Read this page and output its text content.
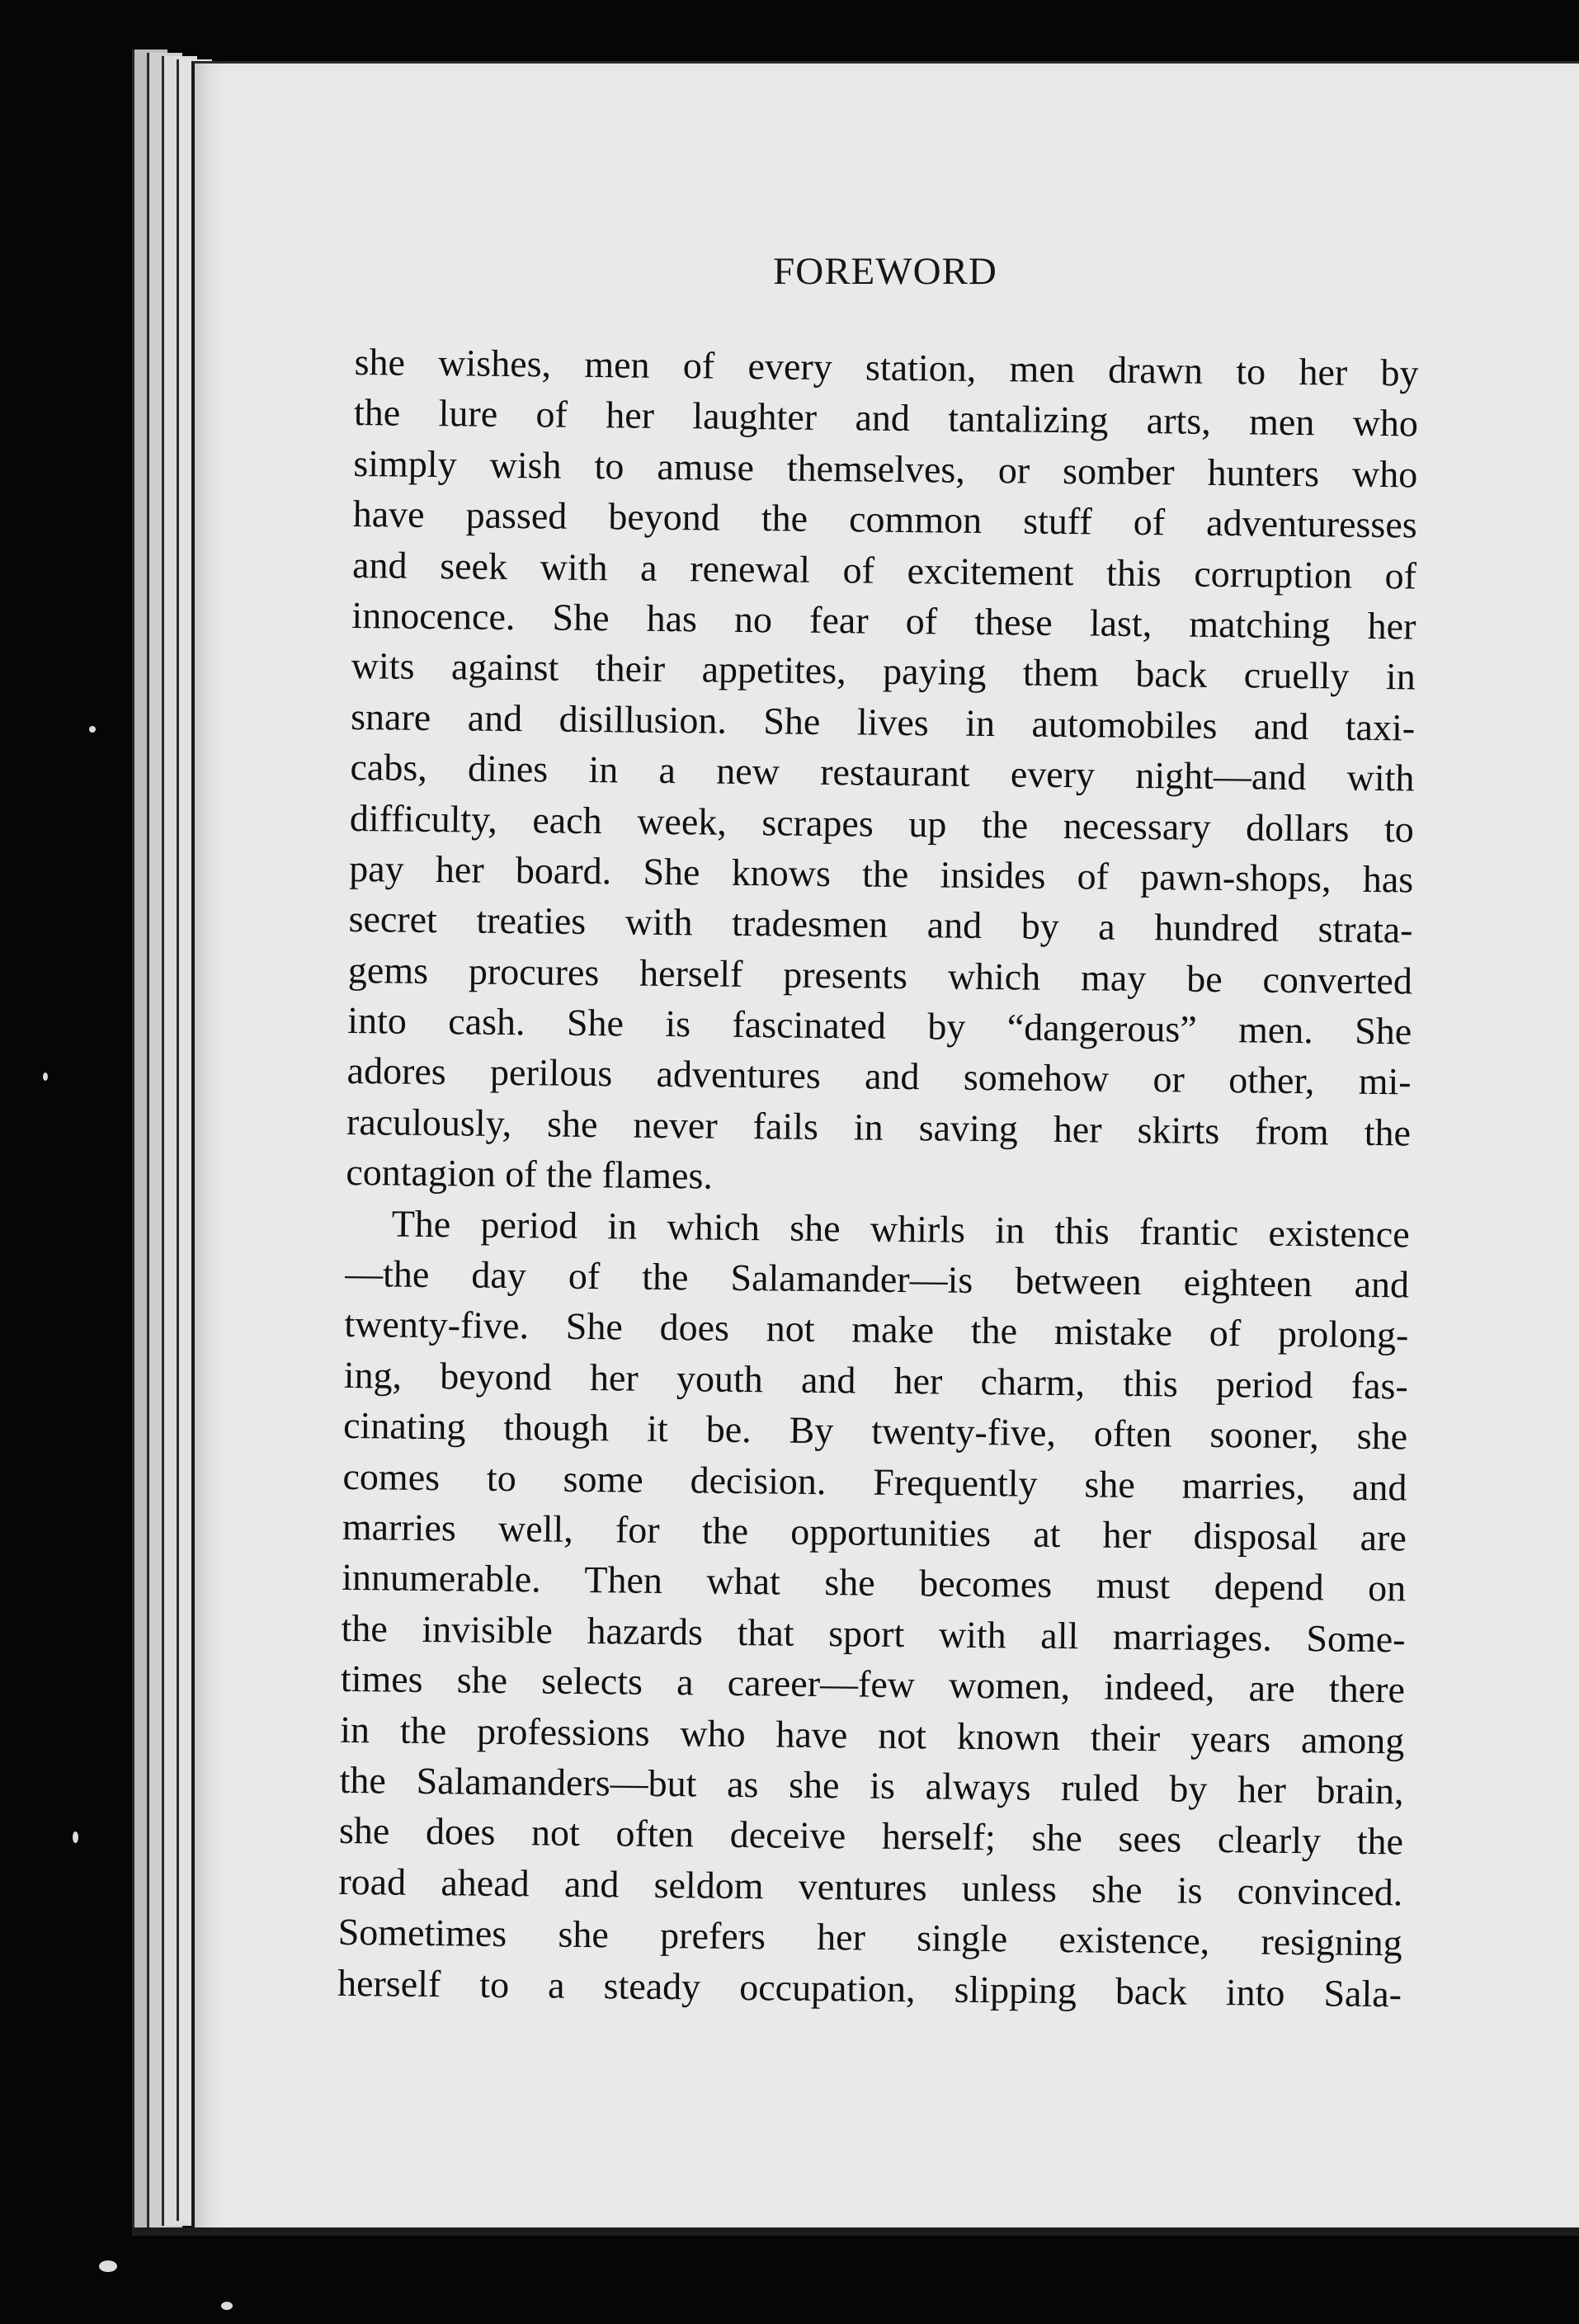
FOREWORD
she wishes, men of every station, men drawn to her by
the lure of her laughter and tantalizing arts, men who
simply wish to amuse themselves, or somber hunters who
have passed beyond the common stuff of adventuresses
and seek with a renewal of excitement this corruption of
innocence. She has no fear of these last, matching her
wits against their appetites, paying them back cruelly in
snare and disillusion. She lives in automobiles and taxi-
cabs, dines in a new restaurant every night—and with
difficulty, each week, scrapes up the necessary dollars to
pay her board. She knows the insides of pawn-shops, has
secret treaties with tradesmen and by a hundred strata-
gems procures herself presents which may be converted
into cash. She is fascinated by “dangerous” men. She
adores perilous adventures and somehow or other, mi-
raculously, she never fails in saving her skirts from the
contagion of the flames.
The period in which she whirls in this frantic existence
—the day of the Salamander—is between eighteen and
twenty-five. She does not make the mistake of prolong-
ing, beyond her youth and her charm, this period fas-
cinating though it be. By twenty-five, often sooner, she
comes to some decision. Frequently she marries, and
marries well, for the opportunities at her disposal are
innumerable. Then what she becomes must depend on
the invisible hazards that sport with all marriages. Some-
times she selects a career—few women, indeed, are there
in the professions who have not known their years among
the Salamanders—but as she is always ruled by her brain,
she does not often deceive herself; she sees clearly the
road ahead and seldom ventures unless she is convinced.
Sometimes she prefers her single existence, resigning
herself to a steady occupation, slipping back into Sala-
